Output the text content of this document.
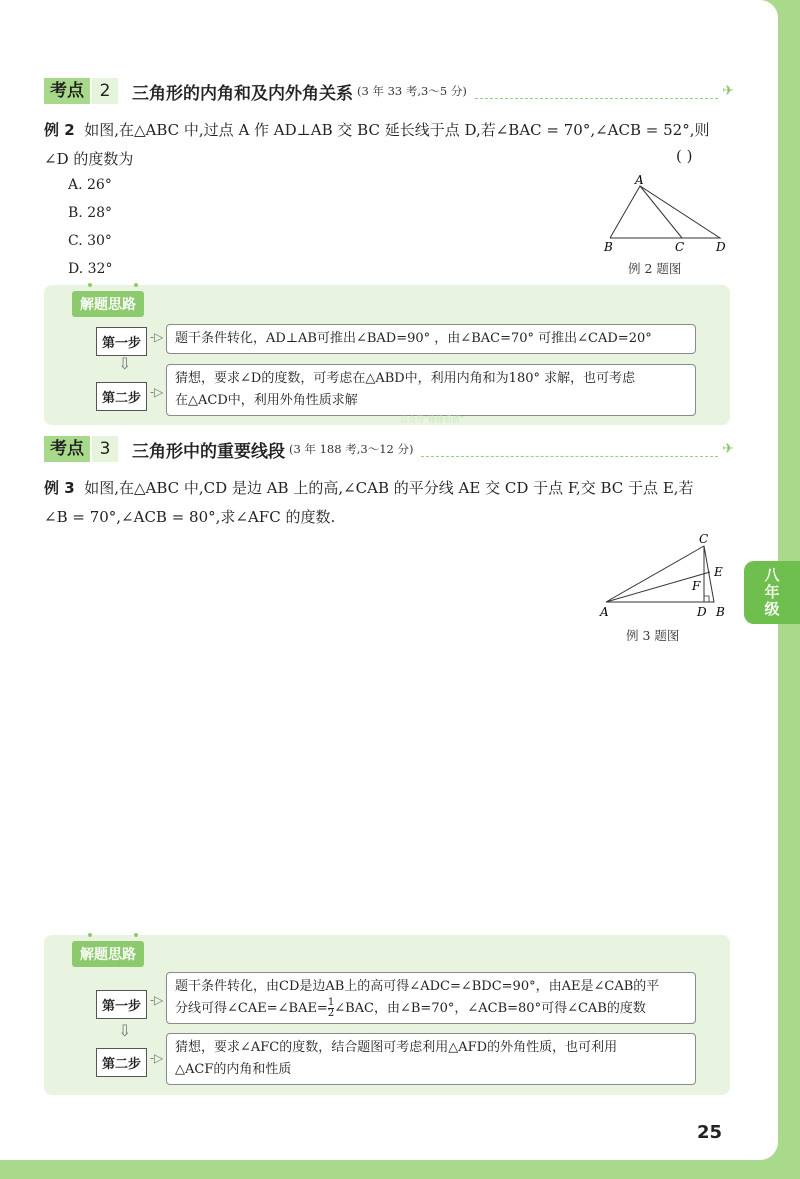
考点 2	三角形的内角和及内外角关系 (3 年 33 考,3～5 分)	✈
例 2 如图,在△ABC 中,过点 A 作 AD⊥AB 交 BC 延长线于点 D,若∠BAC = 70°,∠ACB = 52°,则
∠D 的度数为	( )
A. 26°
B. 28°
C. 30°
D. 32°
A
B	C	D
例 2 题图
解题思路
第一步 -▷ 题干条件转化，AD⊥AB可推出∠BAD=90° ，由∠BAC=70° 可推出∠CAD=20°
⇩
第二步 -▷
猜想，要求∠D的度数，可考虑在△ABD中，利用内角和为180° 求解，也可考虑
在△ACD中，利用外角性质求解
公众号“偷偷看搭”
考点 3	三角形中的重要线段 (3 年 188 考,3～12 分)	✈
例 3 如图,在△ABC 中,CD 是边 AB 上的高,∠CAB 的平分线 AE 交 CD 于点 F,交 BC 于点 E,若
∠B = 70°,∠ACB = 80°,求∠AFC 的度数.
C
A	D B
E
F
例 3 题图
八
年
级
解题思路
第一步 -▷
题干条件转化，由CD是边AB上的高可得∠ADC=∠BDC=90°，由AE是∠CAB的平
分线可得$\angle CAE=\angle BAE=\frac{1}{2}\angle BAC$，由∠B=70°，∠ACB=80°可得∠CAB的度数
⇩
第二步 -▷
猜想，要求∠AFC的度数，结合题图可考虑利用△AFD的外角性质，也可利用
△ACF的内角和性质
25
